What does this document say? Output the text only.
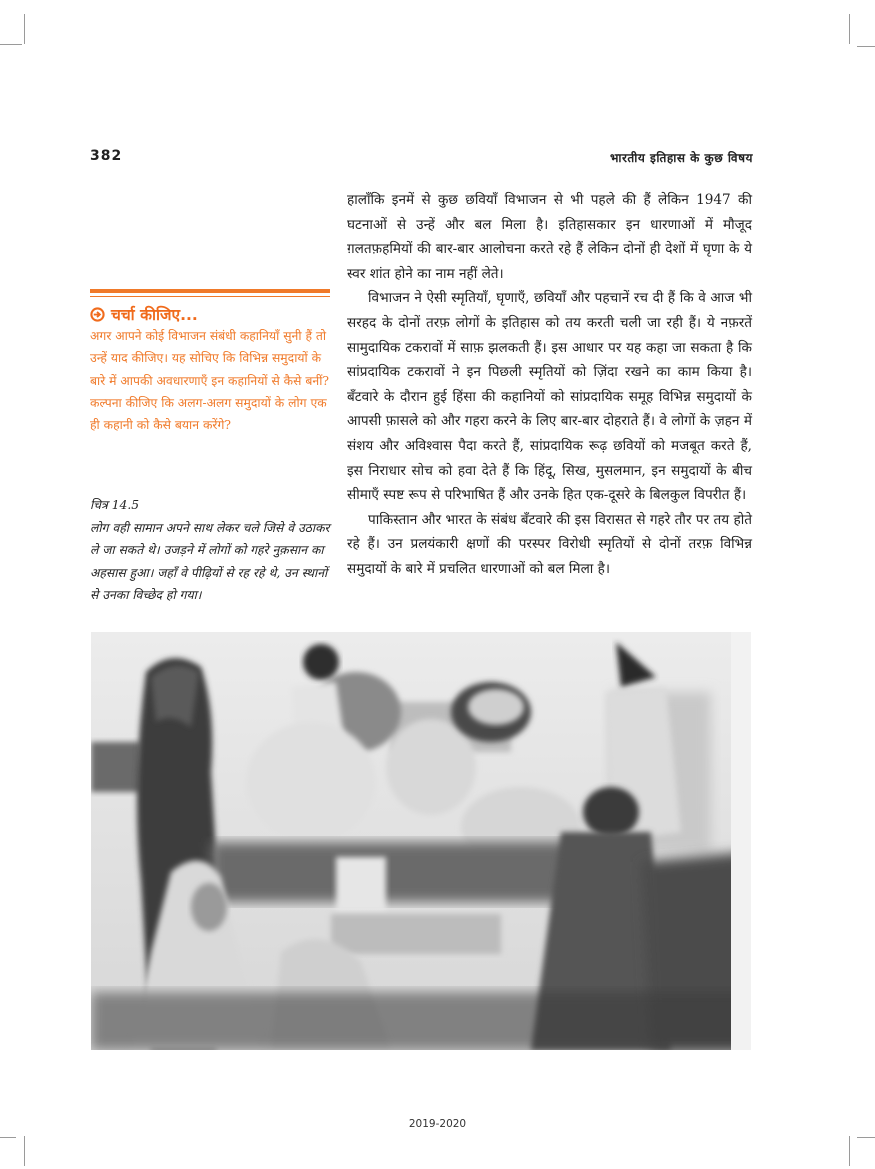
382	भारतीय इतिहास के कुछ विषय

हालाँकि इनमें से कुछ छवियाँ विभाजन से भी पहले की हैं लेकिन 1947 की घटनाओं से उन्हें और बल मिला है। इतिहासकार इन धारणाओं में मौजूद ग़लतफ़हमियों की बार-बार आलोचना करते रहे हैं लेकिन दोनों ही देशों में घृणा के ये स्वर शांत होने का नाम नहीं लेते।

विभाजन ने ऐसी स्मृतियाँ, घृणाएँ, छवियाँ और पहचानें रच दी हैं कि वे आज भी सरहद के दोनों तरफ़ लोगों के इतिहास को तय करती चली जा रही हैं। ये नफ़रतें सामुदायिक टकरावों में साफ़ झलकती हैं। इस आधार पर यह कहा जा सकता है कि सांप्रदायिक टकरावों ने इन पिछली स्मृतियों को ज़िंदा रखने का काम किया है। बँटवारे के दौरान हुई हिंसा की कहानियों को सांप्रदायिक समूह विभिन्न समुदायों के आपसी फ़ासले को और गहरा करने के लिए बार-बार दोहराते हैं। वे लोगों के ज़हन में संशय और अविश्वास पैदा करते हैं, सांप्रदायिक रूढ़ छवियों को मजबूत करते हैं, इस निराधार सोच को हवा देते हैं कि हिंदू, सिख, मुसलमान, इन समुदायों के बीच सीमाएँ स्पष्ट रूप से परिभाषित हैं और उनके हित एक-दूसरे के बिलकुल विपरीत हैं।

पाकिस्तान और भारत के संबंध बँटवारे की इस विरासत से गहरे तौर पर तय होते रहे हैं। उन प्रलयंकारी क्षणों की परस्पर विरोधी स्मृतियों से दोनों तरफ़ विभिन्न समुदायों के बारे में प्रचलित धारणाओं को बल मिला है।

चर्चा कीजिए...
अगर आपने कोई विभाजन संबंधी कहानियाँ सुनी हैं तो उन्हें याद कीजिए। यह सोचिए कि विभिन्न समुदायों के बारे में आपकी अवधारणाएँ इन कहानियों से कैसे बनीं? कल्पना कीजिए कि अलग-अलग समुदायों के लोग एक ही कहानी को कैसे बयान करेंगे?
चित्र 14.5
लोग वही सामान अपने साथ लेकर चले जिसे वे उठाकर ले जा सकते थे। उजड़ने में लोगों को गहरे नुक़सान का अहसास हुआ। जहाँ वे पीढ़ियों से रह रहे थे, उन स्थानों से उनका विच्छेद हो गया।
2019-2020
